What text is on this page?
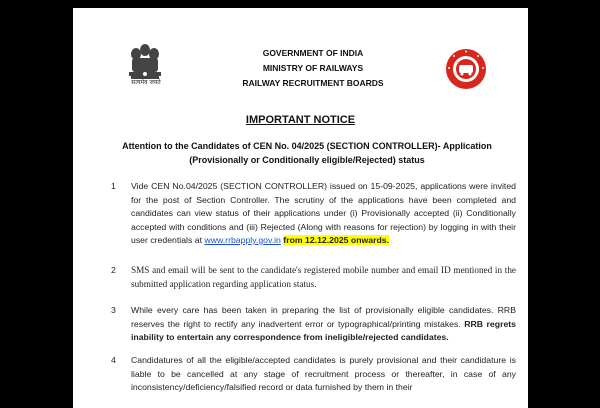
सत्यमेव जयते
GOVERNMENT OF INDIA
MINISTRY OF RAILWAYS
RAILWAY RECRUITMENT BOARDS
IMPORTANT NOTICE
Attention to the Candidates of CEN No. 04/2025 (SECTION CONTROLLER)- Application
(Provisionally or Conditionally eligible/Rejected) status
1 Vide CEN No.04/2025 (SECTION CONTROLLER) issued on 15-09-2025, applications were invited for the post of Section Controller. The scrutiny of the applications have been completed and candidates can view status of their applications under (i) Provisionally accepted (ii) Conditionally accepted with conditions and (iii) Rejected (Along with reasons for rejection) by logging in with their user credentials at www.rrbapply.gov.in from 12.12.2025 onwards.
2 SMS and email will be sent to the candidate's registered mobile number and email ID mentioned in the submitted application regarding application status.
3 While every care has been taken in preparing the list of provisionally eligible candidates. RRB reserves the right to rectify any inadvertent error or typographical/printing mistakes. RRB regrets inability to entertain any correspondence from ineligible/rejected candidates.
4 Candidatures of all the eligible/accepted candidates is purely provisional and their candidature is liable to be cancelled at any stage of recruitment process or thereafter, in case of any inconsistency/deficiency/falsified record or data furnished by them in their
